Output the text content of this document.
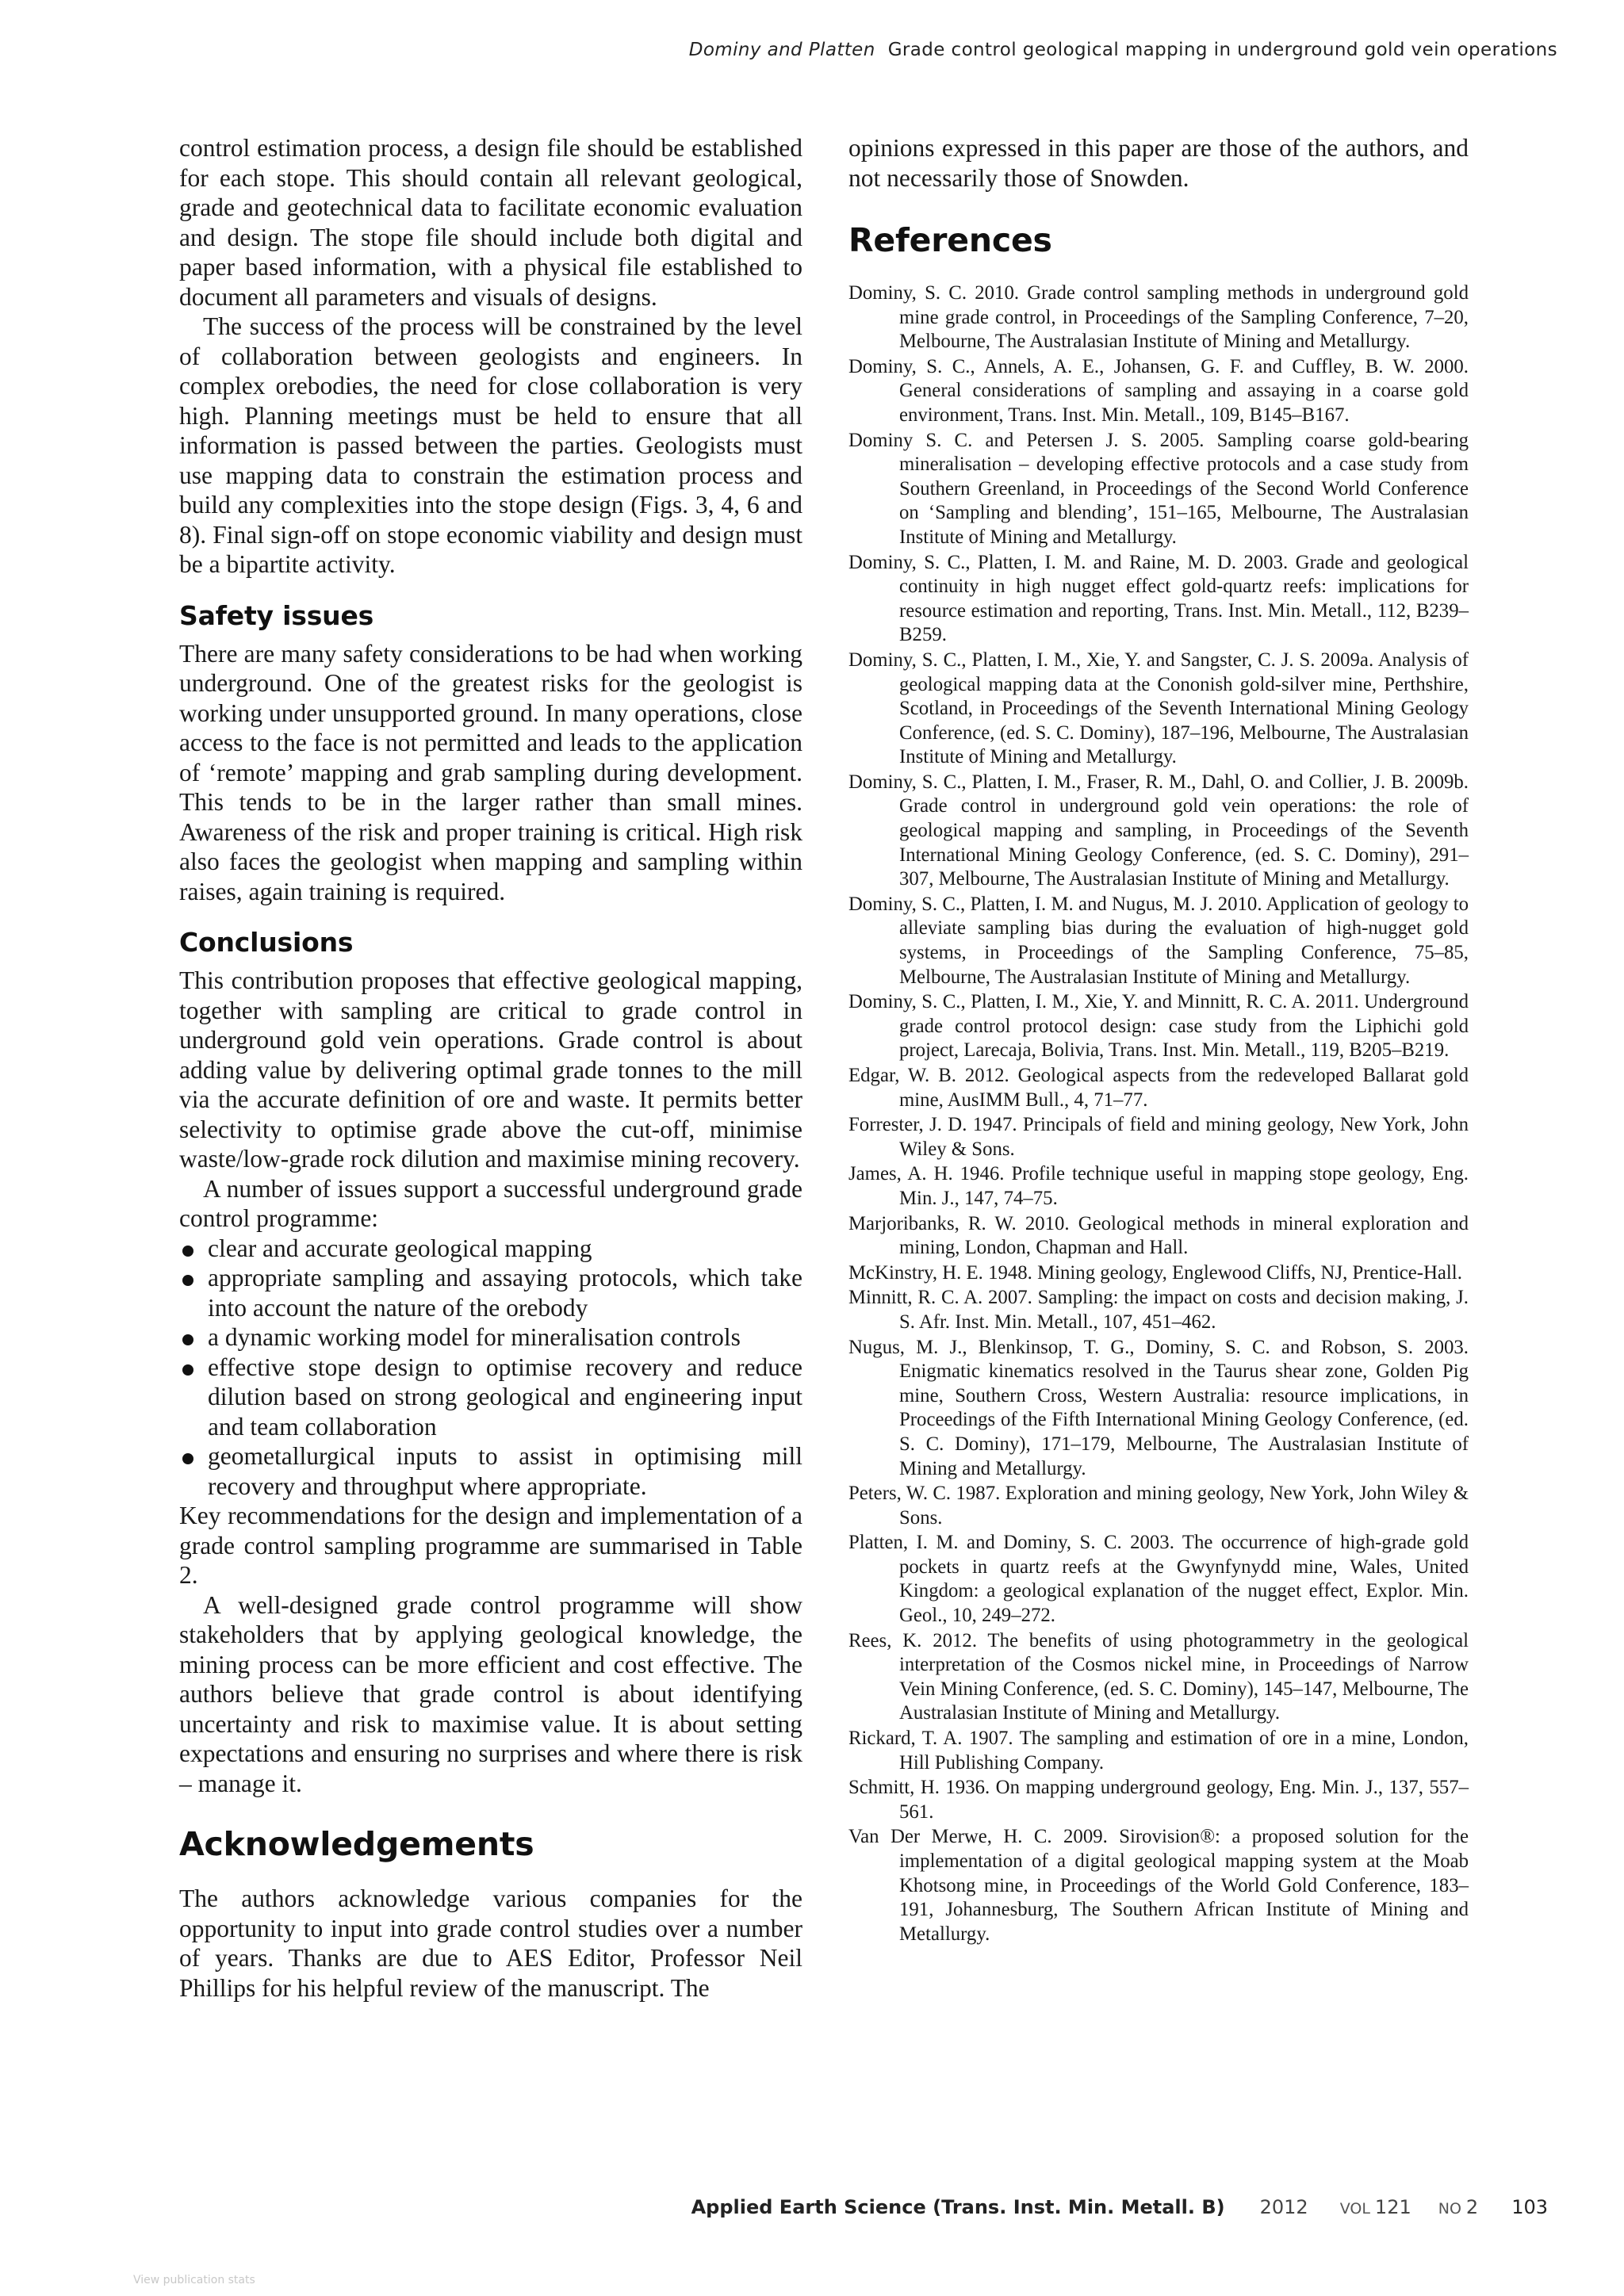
Dominy and Platten Grade control geological mapping in underground gold vein operations

control estimation process, a design file should be established for each stope. This should contain all relevant geological, grade and geotechnical data to facilitate economic evaluation and design. The stope file should include both digital and paper based information, with a physical file established to document all parameters and visuals of designs.

The success of the process will be constrained by the level of collaboration between geologists and engineers. In complex orebodies, the need for close collaboration is very high. Planning meetings must be held to ensure that all information is passed between the parties. Geologists must use mapping data to constrain the estimation process and build any complexities into the stope design (Figs. 3, 4, 6 and 8). Final sign-off on stope economic viability and design must be a bipartite activity.

Safety issues

There are many safety considerations to be had when working underground. One of the greatest risks for the geologist is working under unsupported ground. In many operations, close access to the face is not permitted and leads to the application of ‘remote’ mapping and grab sampling during development. This tends to be in the larger rather than small mines. Awareness of the risk and proper training is critical. High risk also faces the geologist when mapping and sampling within raises, again training is required.

Conclusions

This contribution proposes that effective geological mapping, together with sampling are critical to grade control in underground gold vein operations. Grade control is about adding value by delivering optimal grade tonnes to the mill via the accurate definition of ore and waste. It permits better selectivity to optimise grade above the cut-off, minimise waste/low-grade rock dilution and maximise mining recovery.

A number of issues support a successful underground grade control programme:

clear and accurate geological mapping
appropriate sampling and assaying protocols, which take into account the nature of the orebody
a dynamic working model for mineralisation controls
effective stope design to optimise recovery and reduce dilution based on strong geological and engineering input and team collaboration
geometallurgical inputs to assist in optimising mill recovery and throughput where appropriate.

Key recommendations for the design and implementation of a grade control sampling programme are summarised in Table 2.

A well-designed grade control programme will show stakeholders that by applying geological knowledge, the mining process can be more efficient and cost effective. The authors believe that grade control is about identifying uncertainty and risk to maximise value. It is about setting expectations and ensuring no surprises and where there is risk – manage it.

Acknowledgements

The authors acknowledge various companies for the opportunity to input into grade control studies over a number of years. Thanks are due to AES Editor, Professor Neil Phillips for his helpful review of the manuscript. The

opinions expressed in this paper are those of the authors, and not necessarily those of Snowden.

References
Dominy, S. C. 2010. Grade control sampling methods in underground gold mine grade control, in Proceedings of the Sampling Conference, 7–20, Melbourne, The Australasian Institute of Mining and Metallurgy.
Dominy, S. C., Annels, A. E., Johansen, G. F. and Cuffley, B. W. 2000. General considerations of sampling and assaying in a coarse gold environment, Trans. Inst. Min. Metall., 109, B145–B167.
Dominy S. C. and Petersen J. S. 2005. Sampling coarse gold-bearing mineralisation – developing effective protocols and a case study from Southern Greenland, in Proceedings of the Second World Conference on ‘Sampling and blending’, 151–165, Melbourne, The Australasian Institute of Mining and Metallurgy.
Dominy, S. C., Platten, I. M. and Raine, M. D. 2003. Grade and geological continuity in high nugget effect gold-quartz reefs: implications for resource estimation and reporting, Trans. Inst. Min. Metall., 112, B239–B259.
Dominy, S. C., Platten, I. M., Xie, Y. and Sangster, C. J. S. 2009a. Analysis of geological mapping data at the Cononish gold-silver mine, Perthshire, Scotland, in Proceedings of the Seventh International Mining Geology Conference, (ed. S. C. Dominy), 187–196, Melbourne, The Australasian Institute of Mining and Metallurgy.
Dominy, S. C., Platten, I. M., Fraser, R. M., Dahl, O. and Collier, J. B. 2009b. Grade control in underground gold vein operations: the role of geological mapping and sampling, in Proceedings of the Seventh International Mining Geology Conference, (ed. S. C. Dominy), 291–307, Melbourne, The Australasian Institute of Mining and Metallurgy.
Dominy, S. C., Platten, I. M. and Nugus, M. J. 2010. Application of geology to alleviate sampling bias during the evaluation of high-nugget gold systems, in Proceedings of the Sampling Conference, 75–85, Melbourne, The Australasian Institute of Mining and Metallurgy.
Dominy, S. C., Platten, I. M., Xie, Y. and Minnitt, R. C. A. 2011. Underground grade control protocol design: case study from the Liphichi gold project, Larecaja, Bolivia, Trans. Inst. Min. Metall., 119, B205–B219.
Edgar, W. B. 2012. Geological aspects from the redeveloped Ballarat gold mine, AusIMM Bull., 4, 71–77.
Forrester, J. D. 1947. Principals of field and mining geology, New York, John Wiley & Sons.
James, A. H. 1946. Profile technique useful in mapping stope geology, Eng. Min. J., 147, 74–75.
Marjoribanks, R. W. 2010. Geological methods in mineral exploration and mining, London, Chapman and Hall.
McKinstry, H. E. 1948. Mining geology, Englewood Cliffs, NJ, Prentice-Hall.
Minnitt, R. C. A. 2007. Sampling: the impact on costs and decision making, J. S. Afr. Inst. Min. Metall., 107, 451–462.
Nugus, M. J., Blenkinsop, T. G., Dominy, S. C. and Robson, S. 2003. Enigmatic kinematics resolved in the Taurus shear zone, Golden Pig mine, Southern Cross, Western Australia: resource implications, in Proceedings of the Fifth International Mining Geology Conference, (ed. S. C. Dominy), 171–179, Melbourne, The Australasian Institute of Mining and Metallurgy.
Peters, W. C. 1987. Exploration and mining geology, New York, John Wiley & Sons.
Platten, I. M. and Dominy, S. C. 2003. The occurrence of high-grade gold pockets in quartz reefs at the Gwynfynydd mine, Wales, United Kingdom: a geological explanation of the nugget effect, Explor. Min. Geol., 10, 249–272.
Rees, K. 2012. The benefits of using photogrammetry in the geological interpretation of the Cosmos nickel mine, in Proceedings of Narrow Vein Mining Conference, (ed. S. C. Dominy), 145–147, Melbourne, The Australasian Institute of Mining and Metallurgy.
Rickard, T. A. 1907. The sampling and estimation of ore in a mine, London, Hill Publishing Company.
Schmitt, H. 1936. On mapping underground geology, Eng. Min. J., 137, 557–561.
Van Der Merwe, H. C. 2009. Sirovision®: a proposed solution for the implementation of a digital geological mapping system at the Moab Khotsong mine, in Proceedings of the World Gold Conference, 183–191, Johannesburg, The Southern African Institute of Mining and Metallurgy.
Applied Earth Science (Trans. Inst. Min. Metall. B) 2012 VOL 121 NO 2 103
View publication stats
